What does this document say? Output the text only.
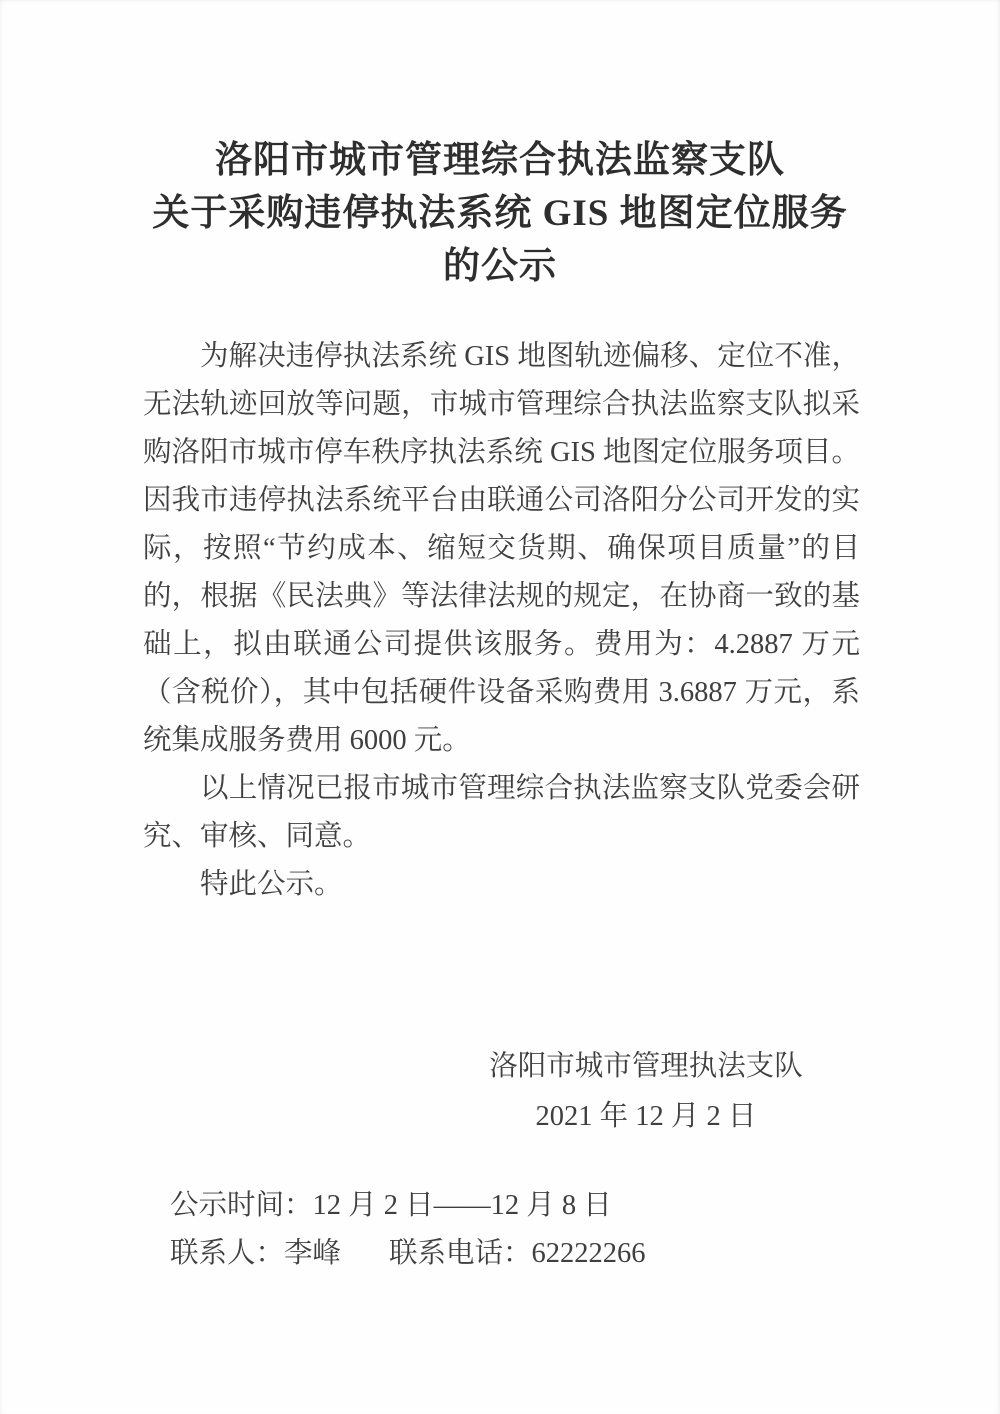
洛阳市城市管理综合执法监察支队
关于采购违停执法系统 GIS 地图定位服务
的公示

为解决违停执法系统 GIS 地图轨迹偏移、定位不准，无法轨迹回放等问题，市城市管理综合执法监察支队拟采购洛阳市城市停车秩序执法系统 GIS 地图定位服务项目。因我市违停执法系统平台由联通公司洛阳分公司开发的实际，按照“节约成本、缩短交货期、确保项目质量”的目的，根据《民法典》等法律法规的规定，在协商一致的基础上，拟由联通公司提供该服务。费用为：4.2887 万元（含税价），其中包括硬件设备采购费用 3.6887 万元，系统集成服务费用 6000 元。

以上情况已报市城市管理综合执法监察支队党委会研究、审核、同意。

特此公示。

洛阳市城市管理执法支队
2021 年 12 月 2 日
公示时间：12 月 2 日——12 月 8 日
联系人：李峰 联系电话：62222266
